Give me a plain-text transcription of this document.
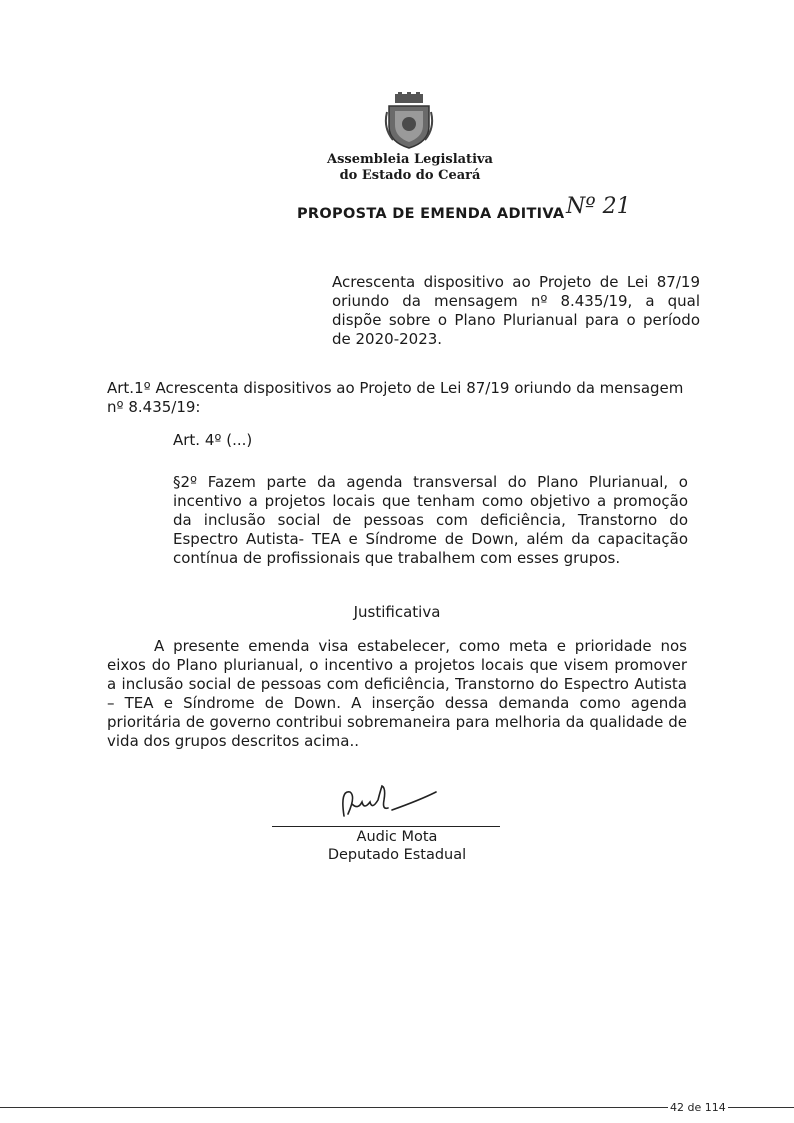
Assembleia Legislativa
do Estado do Ceará
PROPOSTA DE EMENDA ADITIVA Nº 21

Acrescenta dispositivo ao Projeto de Lei 87/19 oriundo da mensagem nº 8.435/19, a qual dispõe sobre o Plano Plurianual para o período de 2020-2023.

Art.1º Acrescenta dispositivos ao Projeto de Lei 87/19 oriundo da mensagem nº 8.435/19:

Art. 4º (...)

§2º Fazem parte da agenda transversal do Plano Plurianual, o incentivo a projetos locais que tenham como objetivo a promoção da inclusão social de pessoas com deficiência, Transtorno do Espectro Autista- TEA e Síndrome de Down, além da capacitação contínua de profissionais que trabalhem com esses grupos.

Justificativa

A presente emenda visa estabelecer, como meta e prioridade nos eixos do Plano plurianual, o incentivo a projetos locais que visem promover a inclusão social de pessoas com deficiência, Transtorno do Espectro Autista – TEA e Síndrome de Down. A inserção dessa demanda como agenda prioritária de governo contribui sobremaneira para melhoria da qualidade de vida dos grupos descritos acima..

Audic Mota
Deputado Estadual
42 de 114
